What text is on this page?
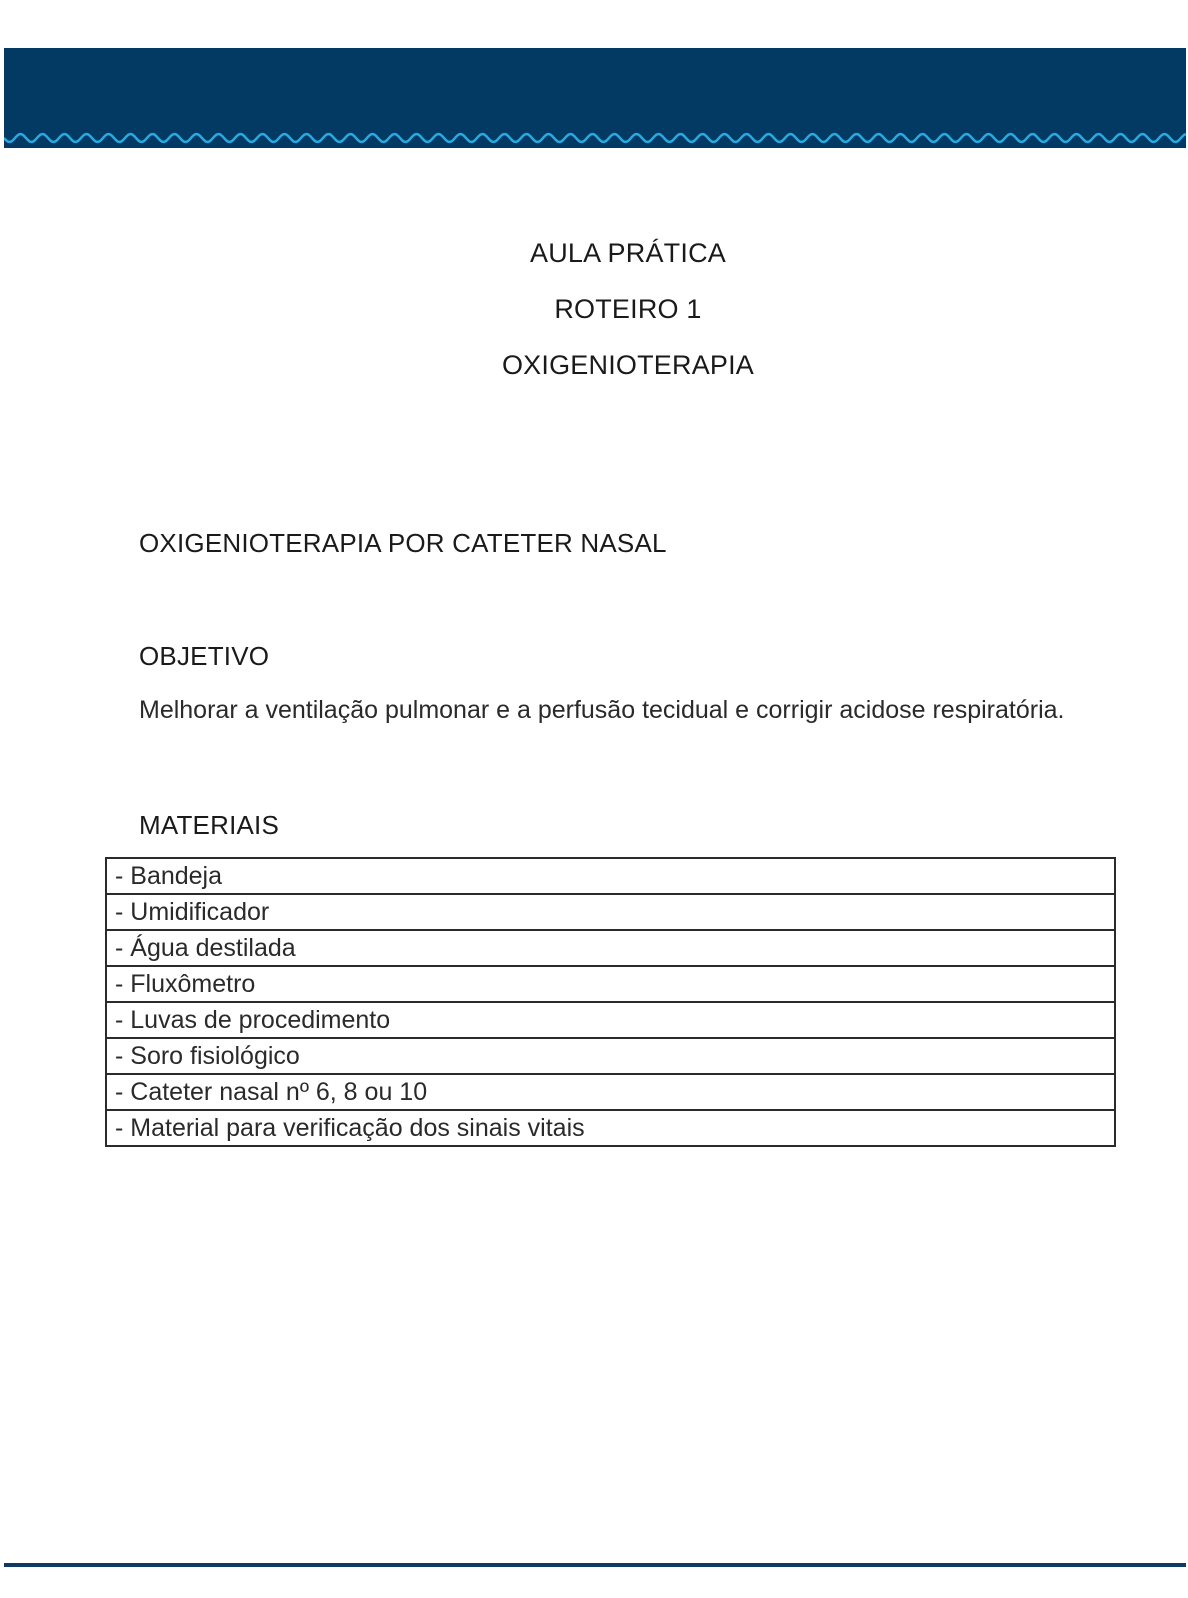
AULA PRÁTICA
ROTEIRO 1
OXIGENIOTERAPIA
OXIGENIOTERAPIA POR CATETER NASAL
OBJETIVO
Melhorar a ventilação pulmonar e a perfusão tecidual e corrigir acidose respiratória.
MATERIAIS
- Bandeja
- Umidificador
- Água destilada
- Fluxômetro
- Luvas de procedimento
- Soro fisiológico
- Cateter nasal nº 6, 8 ou 10
- Material para verificação dos sinais vitais
